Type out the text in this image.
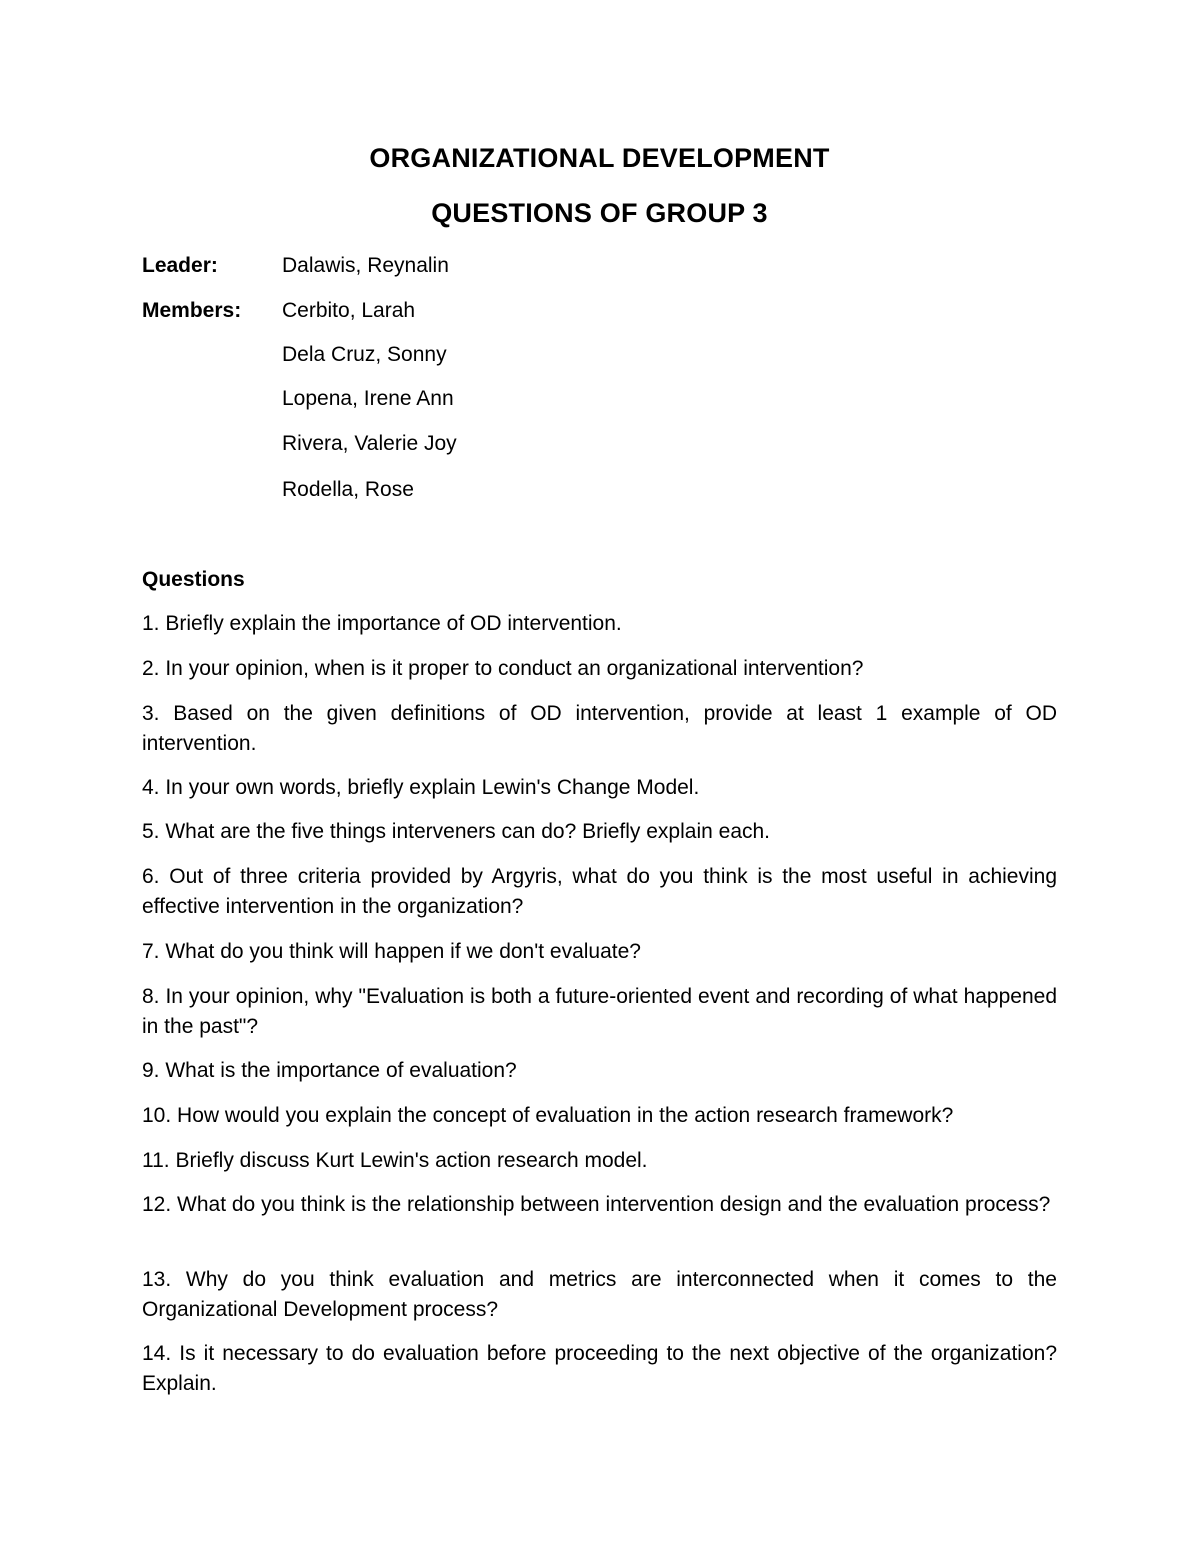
ORGANIZATIONAL DEVELOPMENT
QUESTIONS OF GROUP 3
Leader:	Dalawis, Reynalin
Members: Cerbito, Larah
Dela Cruz, Sonny
Lopena, Irene Ann
Rivera, Valerie Joy
Rodella, Rose
Questions
1. Briefly explain the importance of OD intervention.
2. In your opinion, when is it proper to conduct an organizational intervention?
3. Based on the given definitions of OD intervention, provide at least 1 example of OD intervention.
4. In your own words, briefly explain Lewin's Change Model.
5. What are the five things interveners can do? Briefly explain each.
6. Out of three criteria provided by Argyris, what do you think is the most useful in achieving effective intervention in the organization?
7. What do you think will happen if we don't evaluate?
8. In your opinion, why "Evaluation is both a future-oriented event and recording of what happened in the past"?
9. What is the importance of evaluation?
10. How would you explain the concept of evaluation in the action research framework?
11. Briefly discuss Kurt Lewin's action research model.
12. What do you think is the relationship between intervention design and the evaluation process?
13. Why do you think evaluation and metrics are interconnected when it comes to the Organizational Development process?
14. Is it necessary to do evaluation before proceeding to the next objective of the organization? Explain.
